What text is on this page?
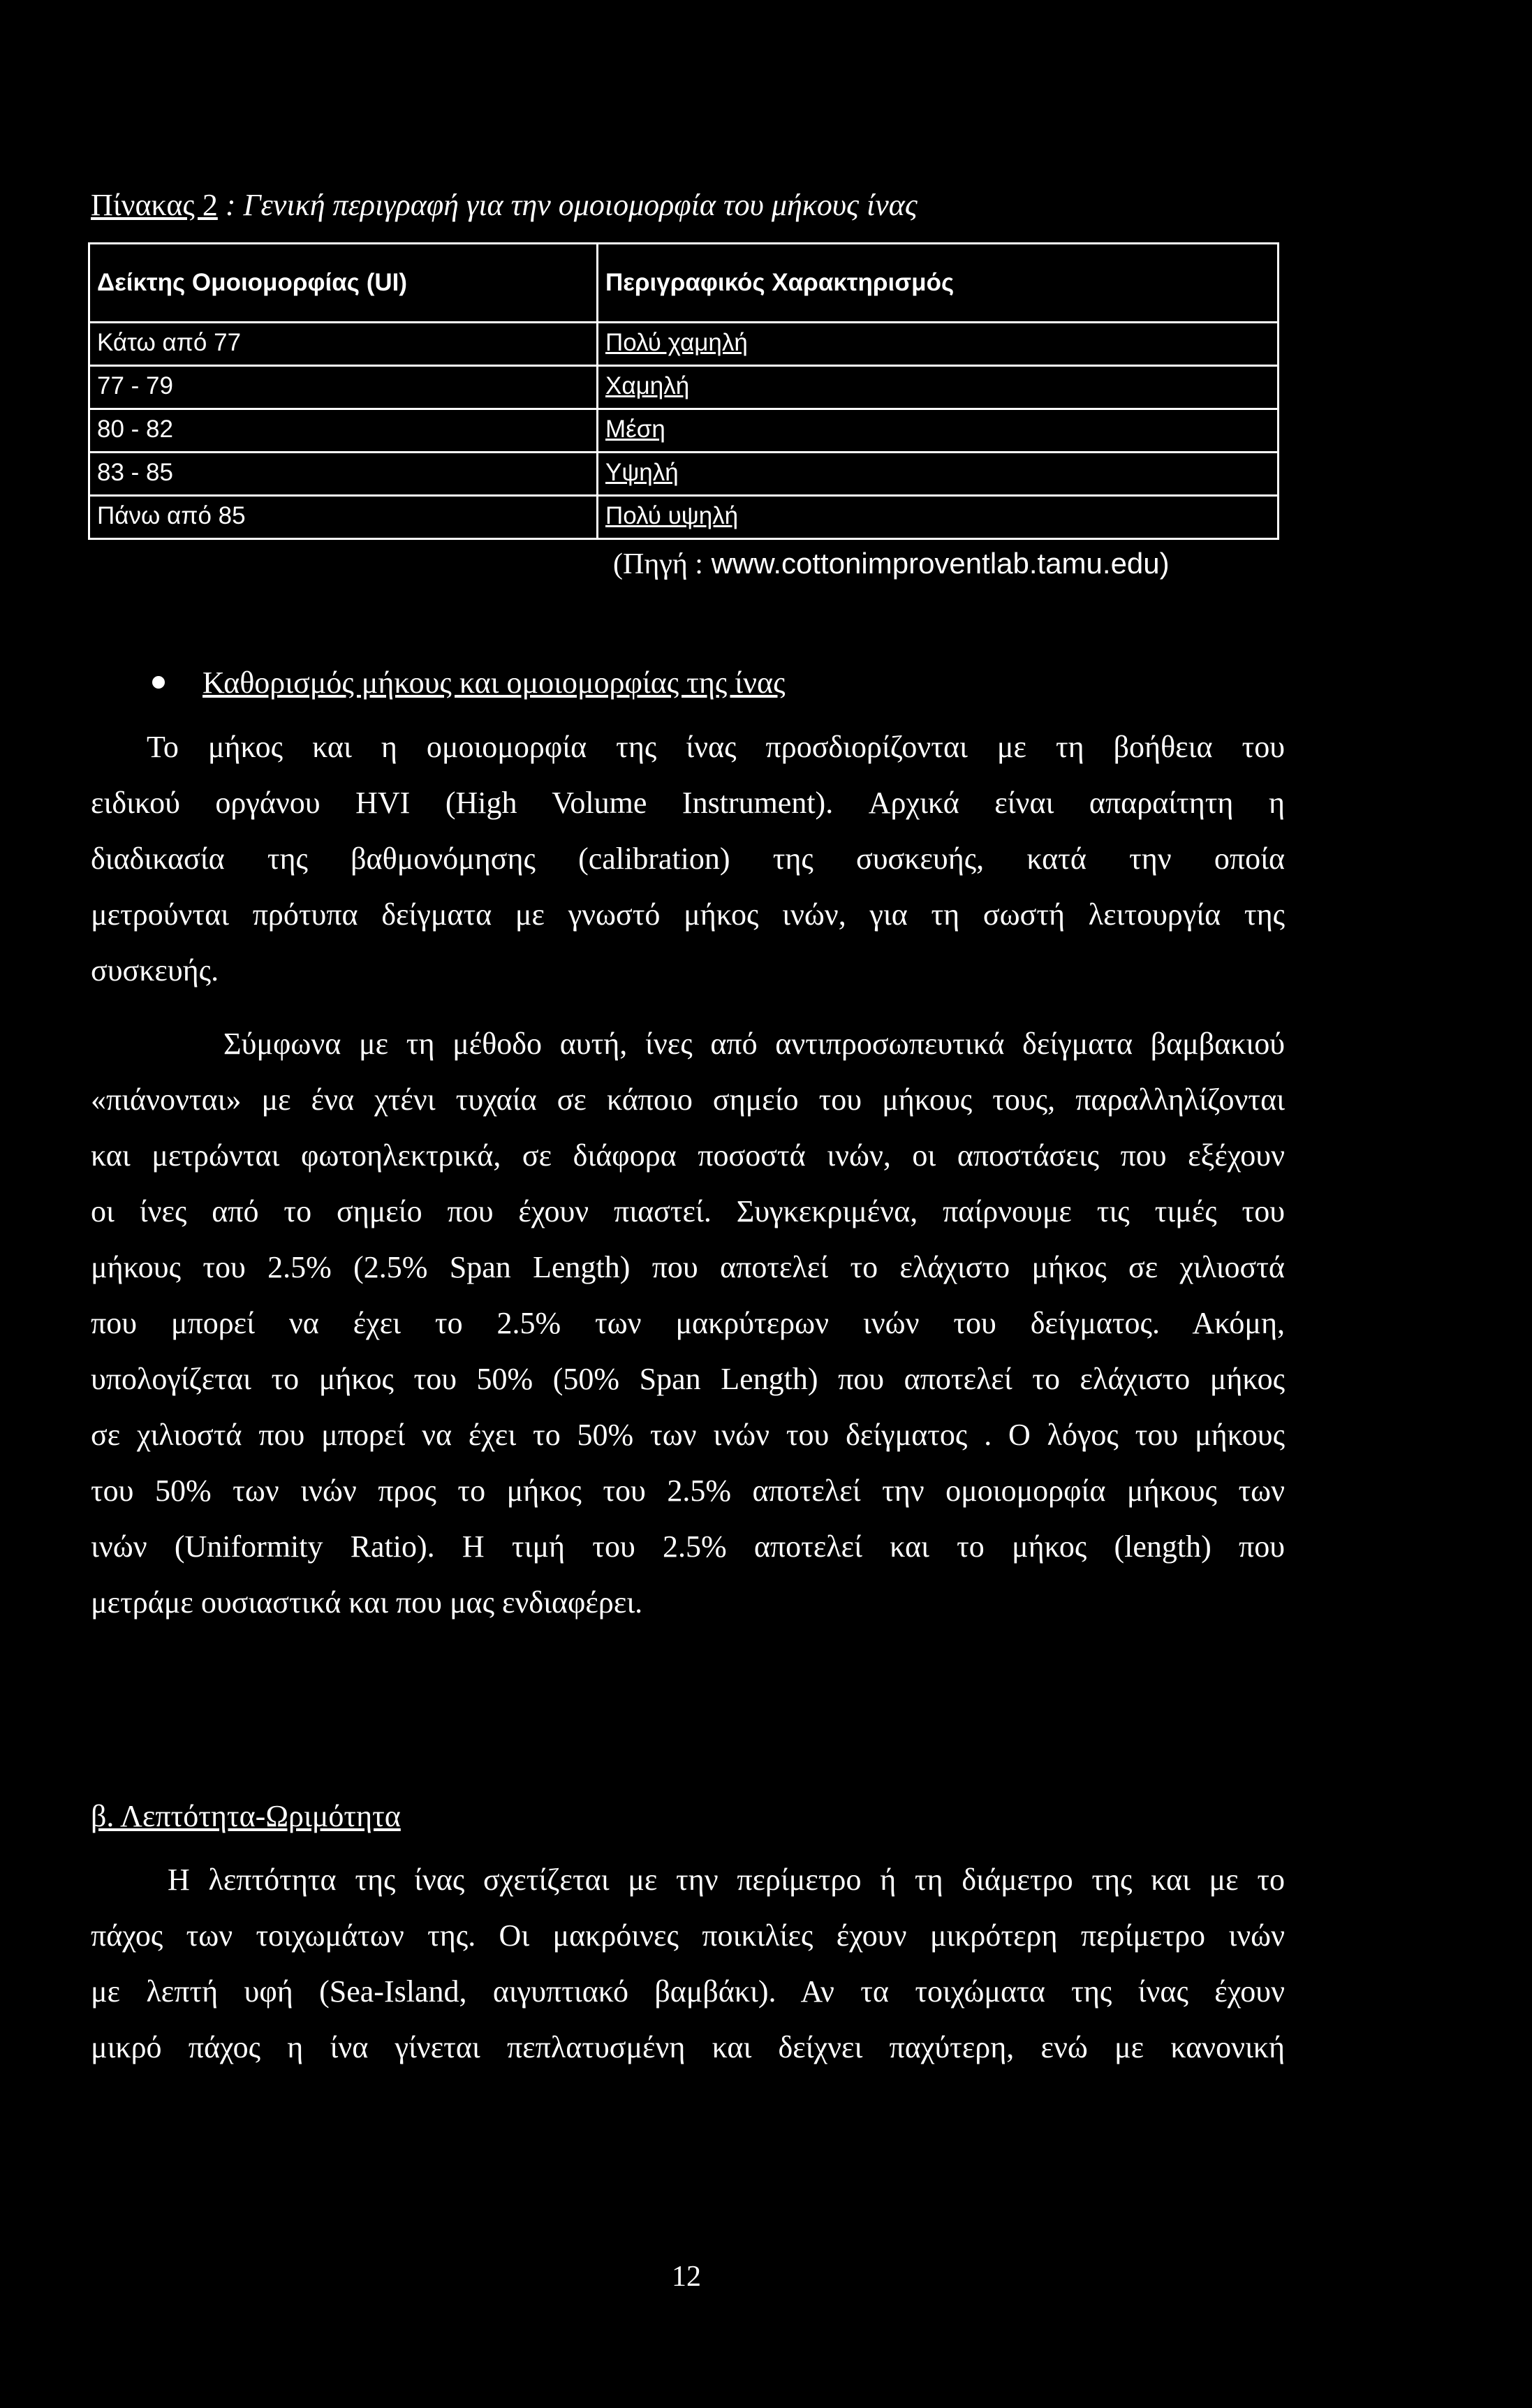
Πίνακας 2 : Γενική περιγραφή για την ομοιομορφία του μήκους ίνας
Δείκτης Ομοιομορφίας (UI)	Περιγραφικός Χαρακτηρισμός
Κάτω από 77	Πολύ χαμηλή
77 - 79	Χαμηλή
80 - 82	Μέση
83 - 85	Υψηλή
Πάνω από 85	Πολύ υψηλή
(Πηγή : www.cottonimproventlab.tamu.edu)
Καθορισμός μήκους και ομοιομορφίας της ίνας
Το μήκος και η ομοιομορφία της ίνας προσδιορίζονται με τη βοήθεια του
ειδικού οργάνου HVI (High Volume Instrument). Αρχικά είναι απαραίτητη η
διαδικασία της βαθμονόμησης (calibration) της συσκευής, κατά την οποία
μετρούνται πρότυπα δείγματα με γνωστό μήκος ινών, για τη σωστή λειτουργία της
συσκευής.
Σύμφωνα με τη μέθοδο αυτή, ίνες από αντιπροσωπευτικά δείγματα βαμβακιού
«πιάνονται» με ένα χτένι τυχαία σε κάποιο σημείο του μήκους τους, παραλληλίζονται
και μετρώνται φωτοηλεκτρικά, σε διάφορα ποσοστά ινών, οι αποστάσεις που εξέχουν
οι ίνες από το σημείο που έχουν πιαστεί. Συγκεκριμένα, παίρνουμε τις τιμές του
μήκους του 2.5% (2.5% Span Length) που αποτελεί το ελάχιστο μήκος σε χιλιοστά
που μπορεί να έχει το 2.5% των μακρύτερων ινών του δείγματος. Ακόμη,
υπολογίζεται το μήκος του 50% (50% Span Length) που αποτελεί το ελάχιστο μήκος
σε χιλιοστά που μπορεί να έχει το 50% των ινών του δείγματος . Ο λόγος του μήκους
του 50% των ινών προς το μήκος του 2.5% αποτελεί την ομοιομορφία μήκους των
ινών (Uniformity Ratio). Η τιμή του 2.5% αποτελεί και το μήκος (length) που
μετράμε ουσιαστικά και που μας ενδιαφέρει.
β. Λεπτότητα-Ωριμότητα
Η λεπτότητα της ίνας σχετίζεται με την περίμετρο ή τη διάμετρο της και με το
πάχος των τοιχωμάτων της. Οι μακρόινες ποικιλίες έχουν μικρότερη περίμετρο ινών
με λεπτή υφή (Sea-Island, αιγυπτιακό βαμβάκι). Αν τα τοιχώματα της ίνας έχουν
μικρό πάχος η ίνα γίνεται πεπλατυσμένη και δείχνει παχύτερη, ενώ με κανονική
12
